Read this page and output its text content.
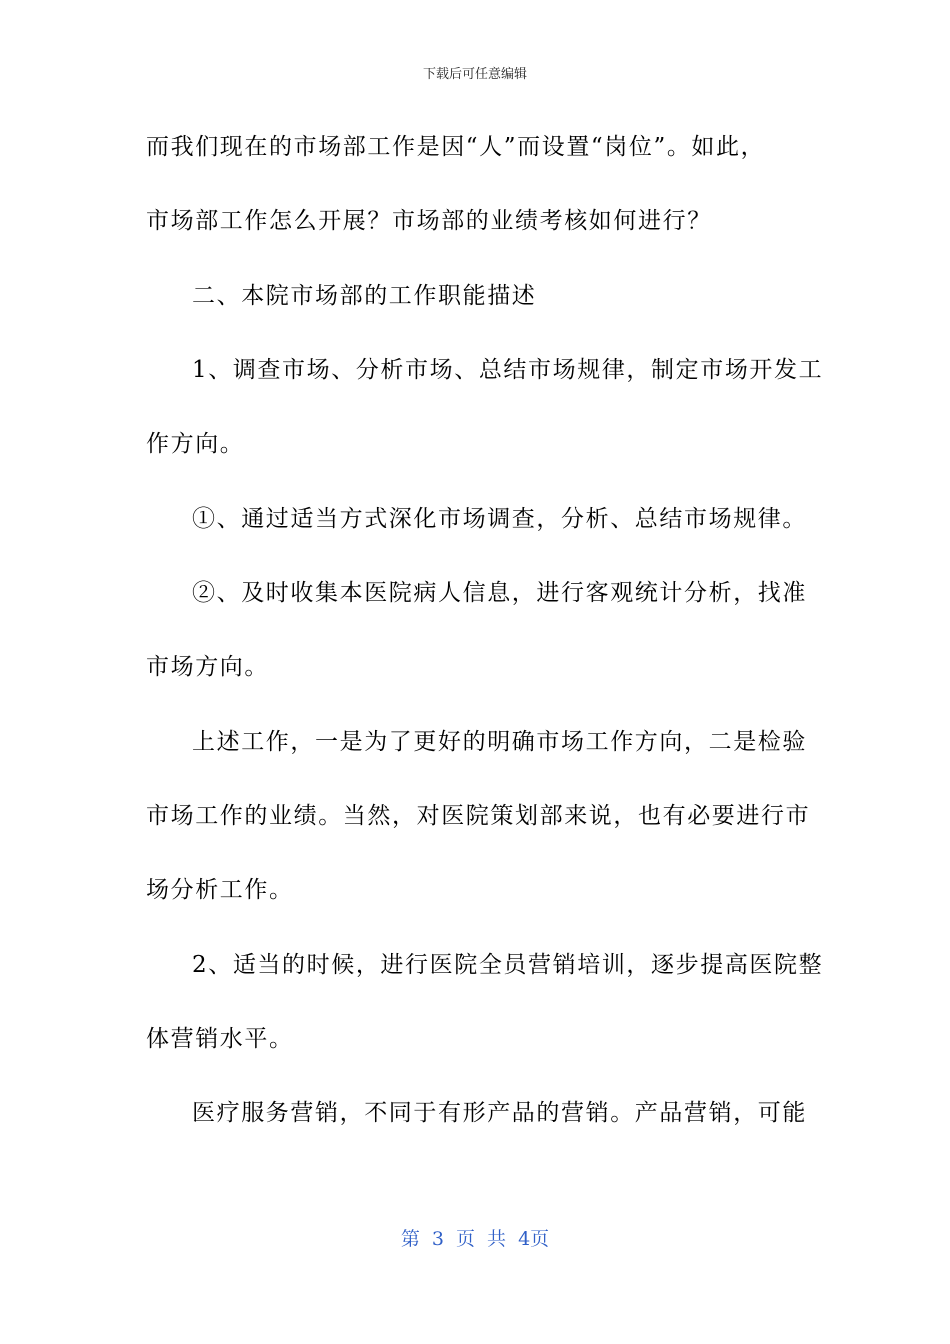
下载后可任意编辑
而我们现在的市场部工作是因“人”而设置“岗位”。如此，
市场部工作怎么开展？市场部的业绩考核如何进行？
二、本院市场部的工作职能描述
1、调查市场、分析市场、总结市场规律，制定市场开发工
作方向。
①、通过适当方式深化市场调查，分析、总结市场规律。
②、及时收集本医院病人信息，进行客观统计分析，找准
市场方向。
上述工作，一是为了更好的明确市场工作方向，二是检验
市场工作的业绩。当然，对医院策划部来说，也有必要进行市
场分析工作。
2、适当的时候，进行医院全员营销培训，逐步提高医院整
体营销水平。
医疗服务营销，不同于有形产品的营销。产品营销，可能
第 3 页 共 4页
